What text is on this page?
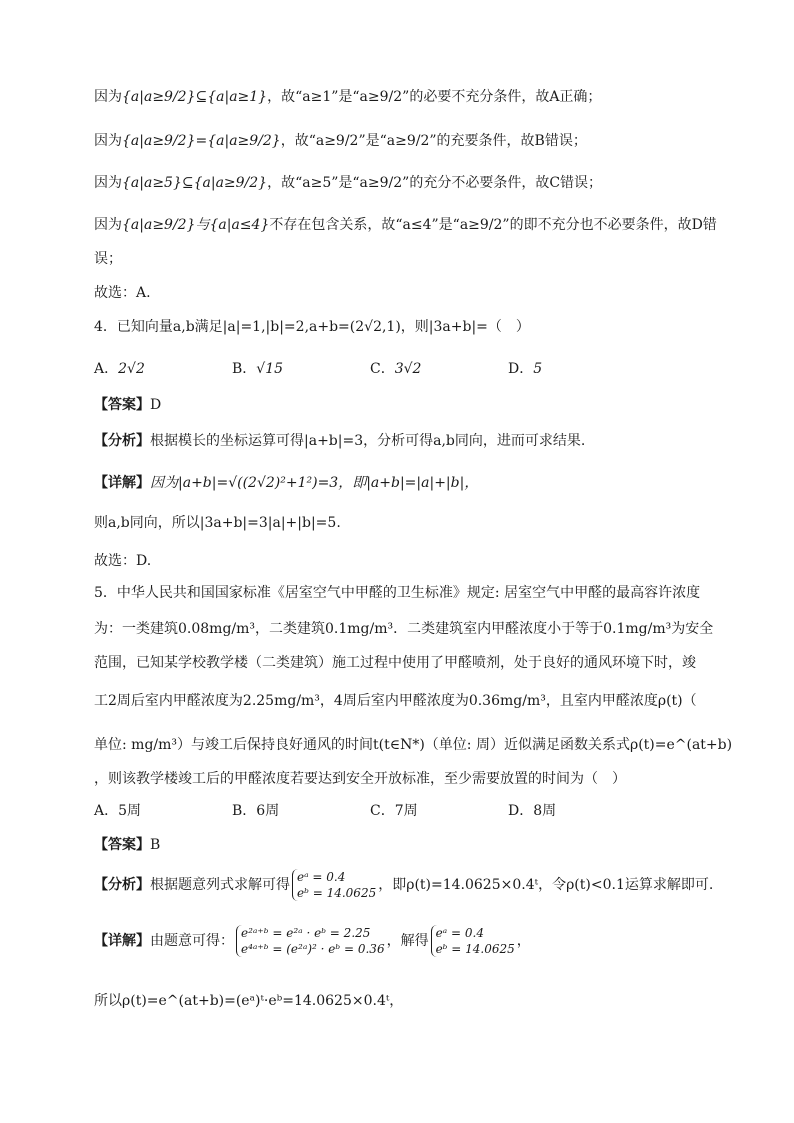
因为{a|a≥9/2}⊆{a|a≥1}，故“a≥1”是“a≥9/2”的必要不充分条件，故A正确；
因为{a|a≥9/2}={a|a≥9/2}，故“a≥9/2”是“a≥9/2”的充要条件，故B错误；
因为{a|a≥5}⊆{a|a≥9/2}，故“a≥5”是“a≥9/2”的充分不必要条件，故C错误；
因为{a|a≥9/2}与{a|a≤4}不存在包含关系，故“a≤4”是“a≥9/2”的即不充分也不必要条件，故D错
误；
故选：A.
4．已知向量a,b满足|a|=1,|b|=2,a+b=(2√2,1)，则|3a+b|=（　）
A．2√2	B．√15	C．3√2	D．5
【答案】D
【分析】根据模长的坐标运算可得|a+b|=3，分析可得a,b同向，进而可求结果.
【详解】因为|a+b|=√((2√2)²+1²)=3，即|a+b|=|a|+|b|，
则a,b同向，所以|3a+b|=3|a|+|b|=5.
故选：D.
5．中华人民共和国国家标准《居室空气中甲醛的卫生标准》规定: 居室空气中甲醛的最高容许浓度
为：一类建筑0.08mg/m³，二类建筑0.1mg/m³．二类建筑室内甲醛浓度小于等于0.1mg/m³为安全
范围，已知某学校教学楼（二类建筑）施工过程中使用了甲醛喷剂，处于良好的通风环境下时，竣
工2周后室内甲醛浓度为2.25mg/m³，4周后室内甲醛浓度为0.36mg/m³，且室内甲醛浓度ρ(t)（
单位: mg/m³）与竣工后保持良好通风的时间t(t∈N*)（单位: 周）近似满足函数关系式ρ(t)=e^(at+b)
，则该教学楼竣工后的甲醛浓度若要达到安全开放标准，至少需要放置的时间为（　）
A．5周	B．6周	C．7周	D．8周
【答案】B
【分析】根据题意列式求解可得 eᵃ = 0.4
eᵇ = 14.0625 ，即ρ(t)=14.0625×0.4ᵗ，令ρ(t)<0.1运算求解即可.
【详解】由题意可得： e²ᵃ⁺ᵇ = e²ᵃ · eᵇ = 2.25
e⁴ᵃ⁺ᵇ = (e²ᵃ)² · eᵇ = 0.36 ，解得 eᵃ = 0.4
eᵇ = 14.0625 ，
所以ρ(t)=e^(at+b)=(eᵃ)ᵗ·eᵇ=14.0625×0.4ᵗ，
